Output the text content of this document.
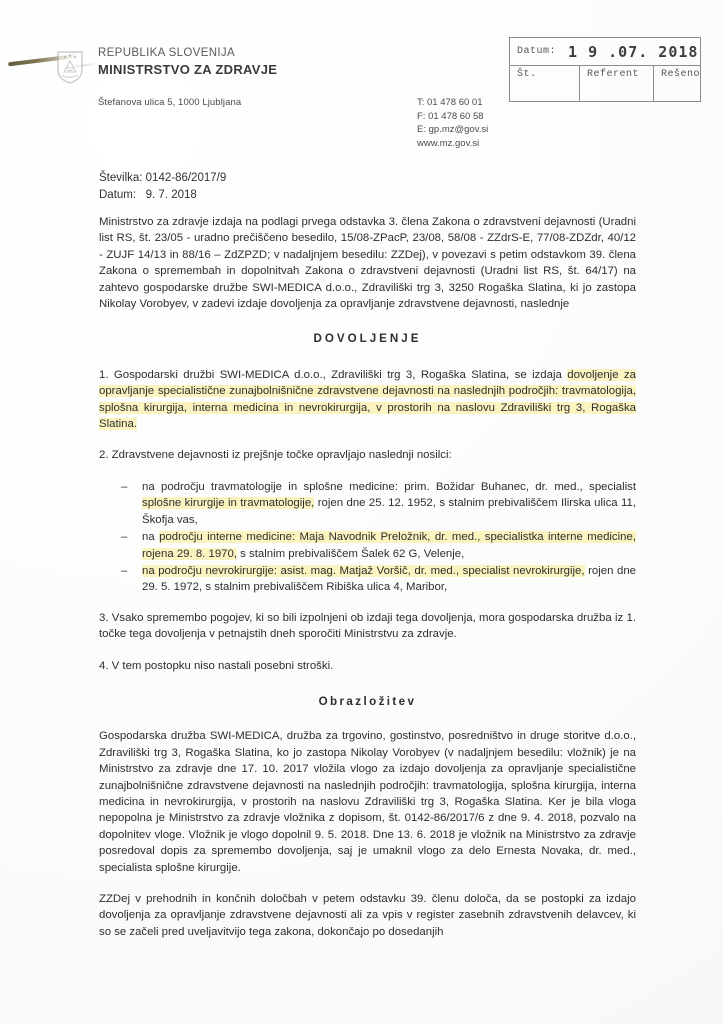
REPUBLIKA SLOVENIJA
MINISTRSTVO ZA ZDRAVJE
Štefanova ulica 5, 1000 Ljubljana	T: 01 478 60 01
F: 01 478 60 58
E: gp.mz@gov.si
www.mz.gov.si
Datum: 1 9 .07. 2018
Št.	Referent	Rešeno
Številka: 0142-86/2017/9
Datum:   9. 7. 2018

Ministrstvo za zdravje izdaja na podlagi prvega odstavka 3. člena Zakona o zdravstveni dejavnosti (Uradni list RS, št. 23/05 - uradno prečiščeno besedilo, 15/08-ZPacP, 23/08, 58/08 - ZZdrS-E, 77/08-ZDZdr, 40/12 - ZUJF 14/13 in 88/16 – ZdZPZD; v nadaljnjem besedilu: ZZDej), v povezavi s petim odstavkom 39. člena Zakona o spremembah in dopolnitvah Zakona o zdravstveni dejavnosti (Uradni list RS, št. 64/17) na zahtevo gospodarske družbe SWI-MEDICA d.o.o., Zdraviliški trg 3, 3250 Rogaška Slatina, ki jo zastopa Nikolay Vorobyev, v zadevi izdaje dovoljenja za opravljanje zdravstvene dejavnosti, naslednje

DOVOLJENJE

1. Gospodarski družbi SWI-MEDICA d.o.o., Zdraviliški trg 3, Rogaška Slatina, se izdaja dovoljenje za opravljanje specialistične zunajbolnišnične zdravstvene dejavnosti na naslednjih področjih: travmatologija, splošna kirurgija, interna medicina in nevrokirurgija, v prostorih na naslovu Zdraviliški trg 3, Rogaška Slatina.

2. Zdravstvene dejavnosti iz prejšnje točke opravljajo naslednji nosilci:

– na področju travmatologije in splošne medicine: prim. Božidar Buhanec, dr. med., specialist splošne kirurgije in travmatologije, rojen dne 25. 12. 1952, s stalnim prebivališčem Ilirska ulica 11, Škofja vas,
– na področju interne medicine: Maja Navodnik Preložnik, dr. med., specialistka interne medicine, rojena 29. 8. 1970, s stalnim prebivališčem Šalek 62 G, Velenje,
– na področju nevrokirurgije: asist. mag. Matjaž Voršič, dr. med., specialist nevrokirurgije, rojen dne 29. 5. 1972, s stalnim prebivališčem Ribiška ulica 4, Maribor,

3. Vsako spremembo pogojev, ki so bili izpolnjeni ob izdaji tega dovoljenja, mora gospodarska družba iz 1. točke tega dovoljenja v petnajstih dneh sporočiti Ministrstvu za zdravje.

4. V tem postopku niso nastali posebni stroški.

Obrazložitev

Gospodarska družba SWI-MEDICA, družba za trgovino, gostinstvo, posredništvo in druge storitve d.o.o., Zdraviliški trg 3, Rogaška Slatina, ko jo zastopa Nikolay Vorobyev (v nadaljnjem besedilu: vložnik) je na Ministrstvo za zdravje dne 17. 10. 2017 vložila vlogo za izdajo dovoljenja za opravljanje specialistične zunajbolnišnične zdravstvene dejavnosti na naslednjih področjih: travmatologija, splošna kirurgija, interna medicina in nevrokirurgija, v prostorih na naslovu Zdraviliški trg 3, Rogaška Slatina. Ker je bila vloga nepopolna je Ministrstvo za zdravje vložnika z dopisom, št. 0142-86/2017/6 z dne 9. 4. 2018, pozvalo na dopolnitev vloge. Vložnik je vlogo dopolnil 9. 5. 2018. Dne 13. 6. 2018 je vložnik na Ministrstvo za zdravje posredoval dopis za spremembo dovoljenja, saj je umaknil vlogo za delo Ernesta Novaka, dr. med., specialista splošne kirurgije.

ZZDej v prehodnih in končnih določbah v petem odstavku 39. členu določa, da se postopki za izdajo dovoljenja za opravljanje zdravstvene dejavnosti ali za vpis v register zasebnih zdravstvenih delavcev, ki so se začeli pred uveljavitvijo tega zakona, dokončajo po dosedanjih
